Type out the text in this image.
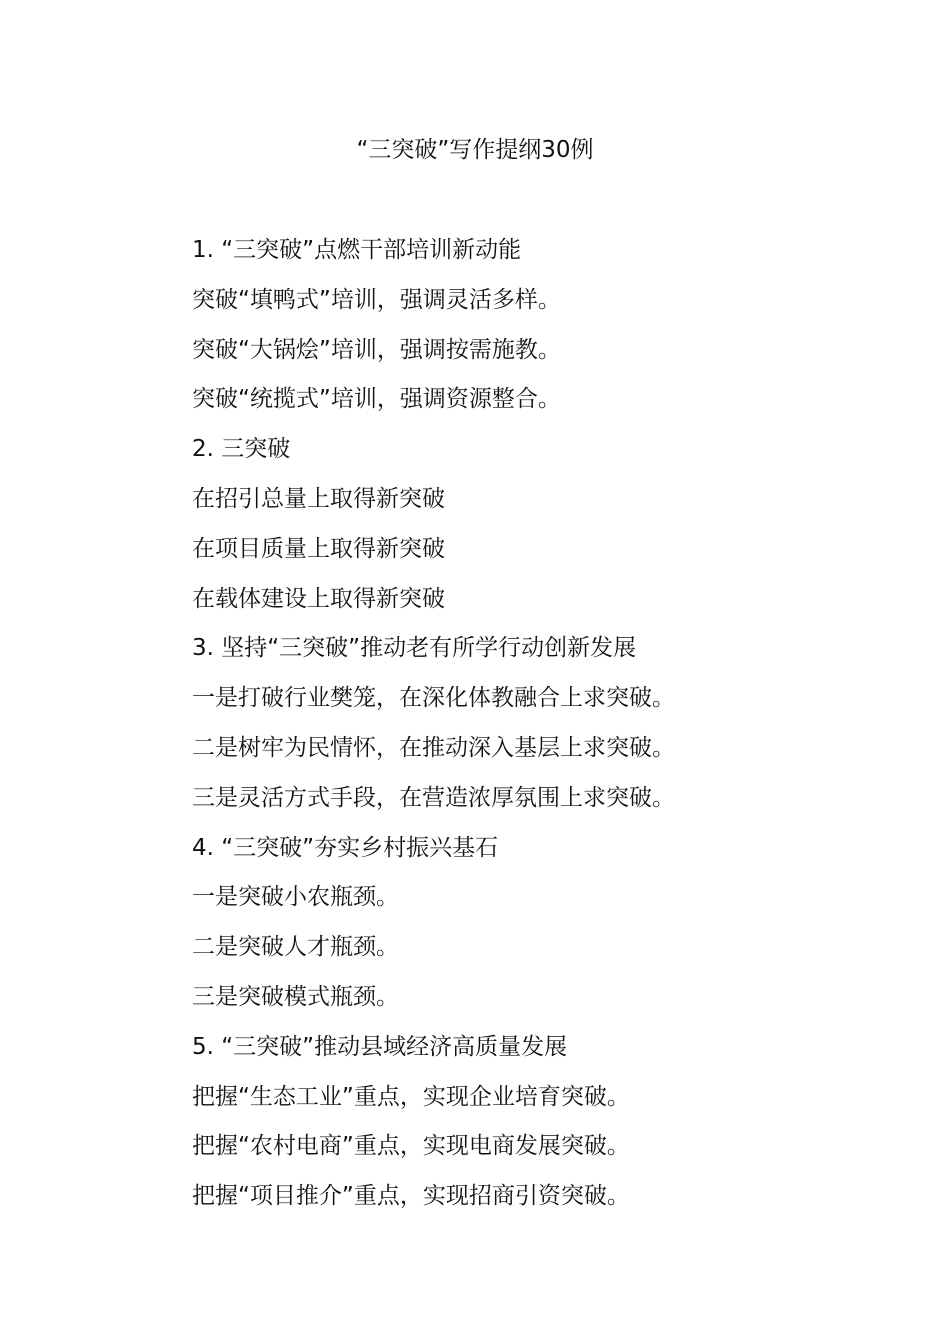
“三突破”写作提纲30例
1. “三突破”点燃干部培训新动能
突破“填鸭式”培训，强调灵活多样。
突破“大锅烩”培训，强调按需施教。
突破“统揽式”培训，强调资源整合。
2. 三突破
在招引总量上取得新突破
在项目质量上取得新突破
在载体建设上取得新突破
3. 坚持“三突破”推动老有所学行动创新发展
一是打破行业樊笼，在深化体教融合上求突破。
二是树牢为民情怀，在推动深入基层上求突破。
三是灵活方式手段，在营造浓厚氛围上求突破。
4. “三突破”夯实乡村振兴基石
一是突破小农瓶颈。
二是突破人才瓶颈。
三是突破模式瓶颈。
5. “三突破”推动县域经济高质量发展
把握“生态工业”重点，实现企业培育突破。
把握“农村电商”重点，实现电商发展突破。
把握“项目推介”重点，实现招商引资突破。
